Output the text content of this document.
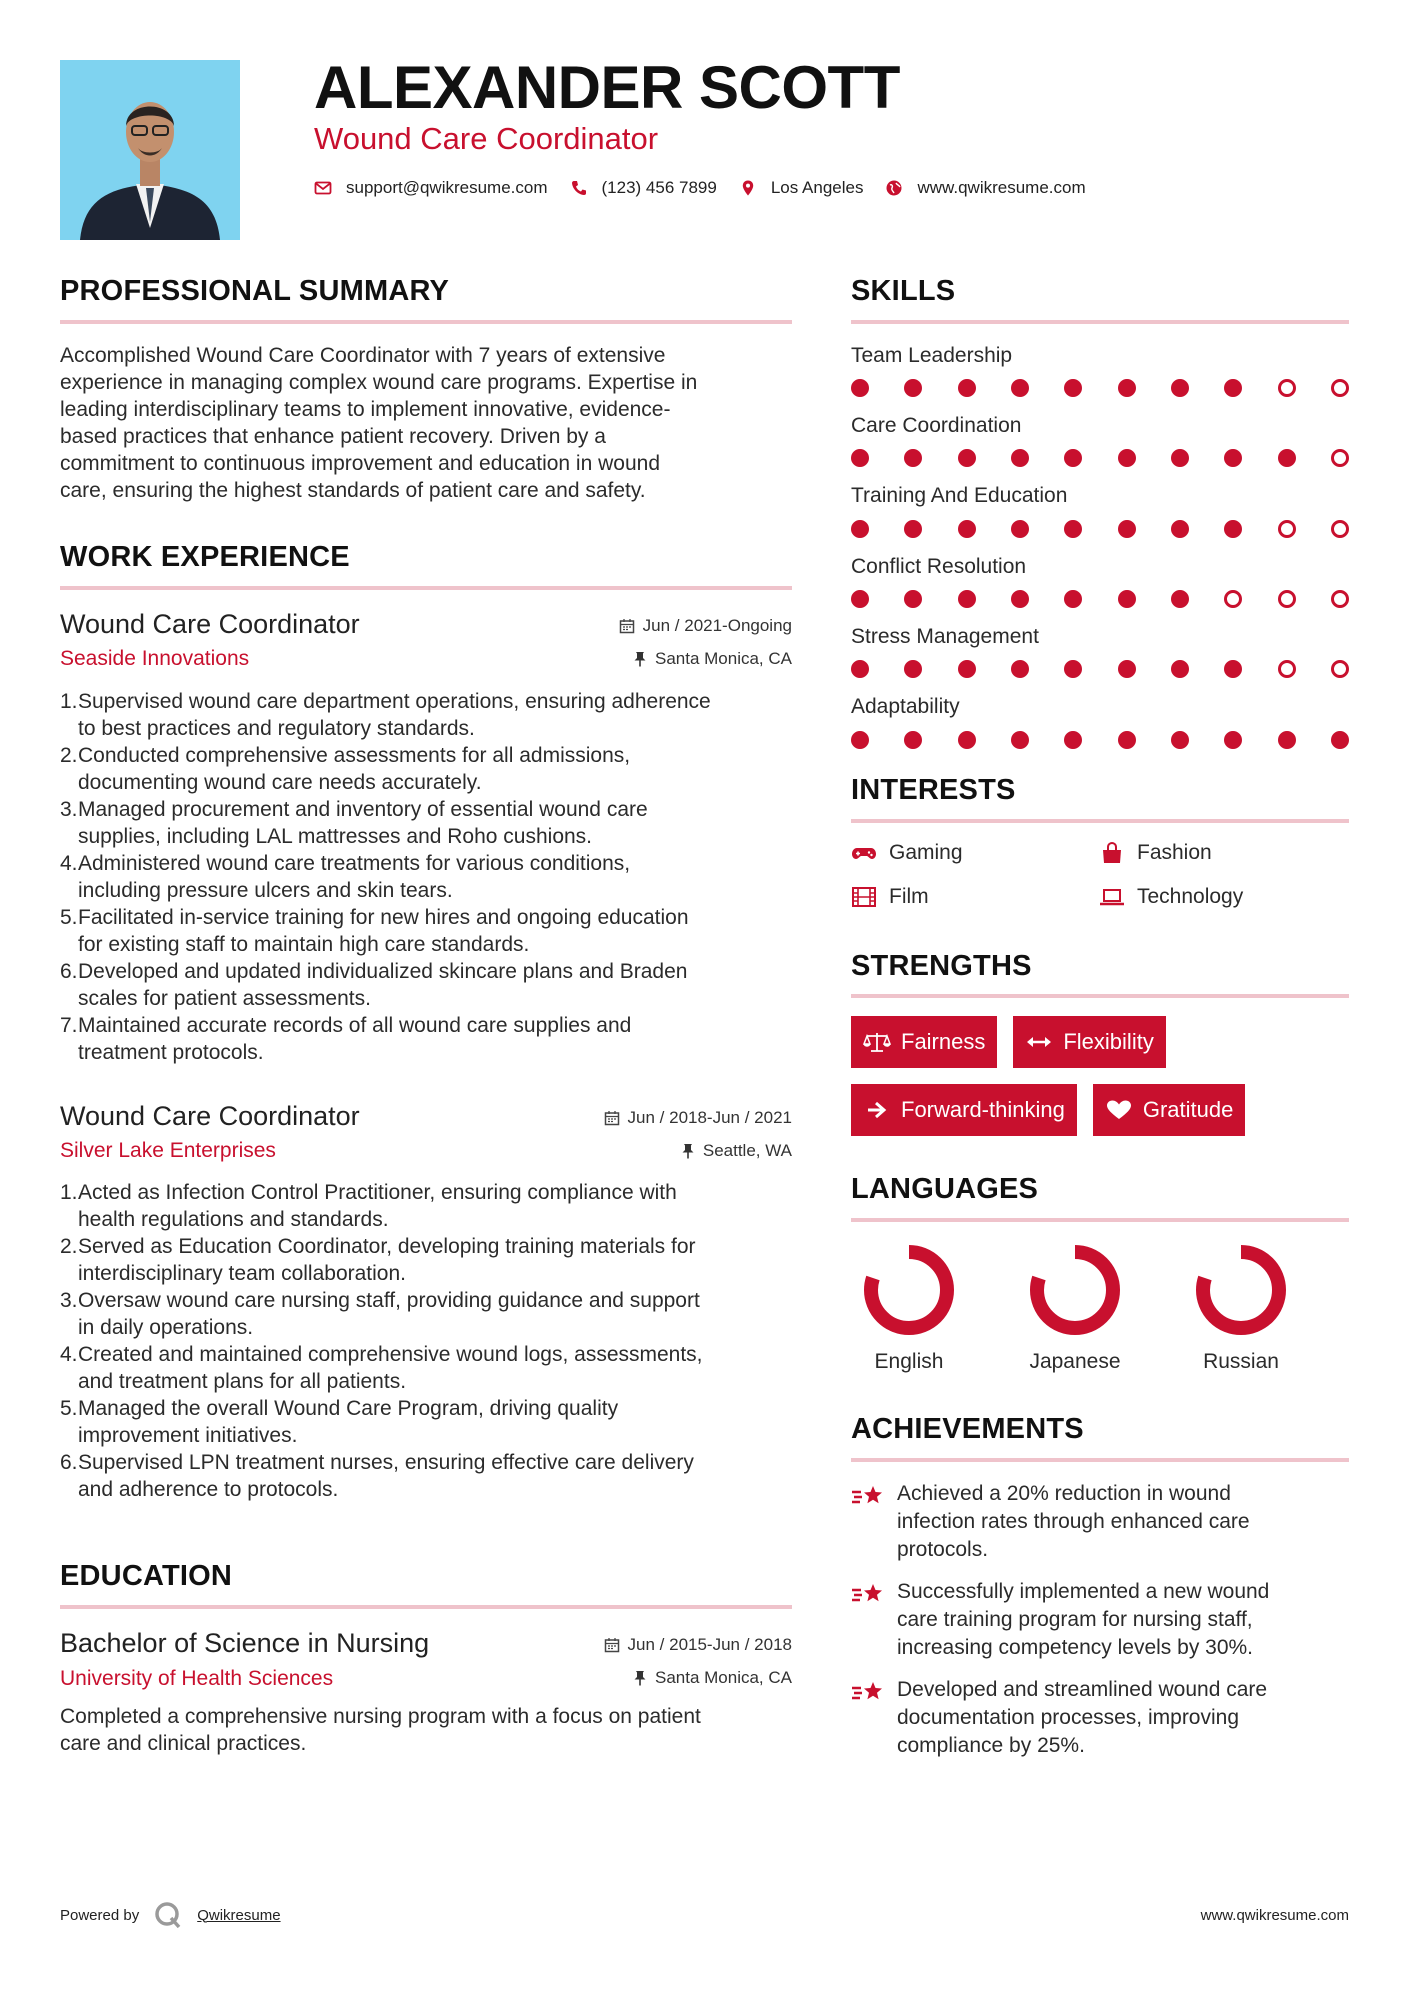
ALEXANDER SCOTT
Wound Care Coordinator
support@qwikresume.com	(123) 456 7899	Los Angeles	www.qwikresume.com
PROFESSIONAL SUMMARY
Accomplished Wound Care Coordinator with 7 years of extensive
experience in managing complex wound care programs. Expertise in
leading interdisciplinary teams to implement innovative, evidence-
based practices that enhance patient recovery. Driven by a
commitment to continuous improvement and education in wound
care, ensuring the highest standards of patient care and safety.
WORK EXPERIENCE
Wound Care Coordinator	Jun / 2021-Ongoing
Seaside Innovations	Santa Monica, CA
1. Supervised wound care department operations, ensuring adherence
to best practices and regulatory standards.
2. Conducted comprehensive assessments for all admissions,
documenting wound care needs accurately.
3. Managed procurement and inventory of essential wound care
supplies, including LAL mattresses and Roho cushions.
4. Administered wound care treatments for various conditions,
including pressure ulcers and skin tears.
5. Facilitated in-service training for new hires and ongoing education
for existing staff to maintain high care standards.
6. Developed and updated individualized skincare plans and Braden
scales for patient assessments.
7. Maintained accurate records of all wound care supplies and
treatment protocols.
Wound Care Coordinator	Jun / 2018-Jun / 2021
Silver Lake Enterprises	Seattle, WA
1. Acted as Infection Control Practitioner, ensuring compliance with
health regulations and standards.
2. Served as Education Coordinator, developing training materials for
interdisciplinary team collaboration.
3. Oversaw wound care nursing staff, providing guidance and support
in daily operations.
4. Created and maintained comprehensive wound logs, assessments,
and treatment plans for all patients.
5. Managed the overall Wound Care Program, driving quality
improvement initiatives.
6. Supervised LPN treatment nurses, ensuring effective care delivery
and adherence to protocols.
EDUCATION
Bachelor of Science in Nursing	Jun / 2015-Jun / 2018
University of Health Sciences	Santa Monica, CA
Completed a comprehensive nursing program with a focus on patient
care and clinical practices.
SKILLS
Team Leadership
Care Coordination
Training And Education
Conflict Resolution
Stress Management
Adaptability
INTERESTS
Gaming	Fashion
Film	Technology
STRENGTHS
Fairness	Flexibility
Forward-thinking	Gratitude
LANGUAGES
English	Japanese	Russian
ACHIEVEMENTS
Achieved a 20% reduction in wound
infection rates through enhanced care
protocols.
Successfully implemented a new wound
care training program for nursing staff,
increasing competency levels by 30%.
Developed and streamlined wound care
documentation processes, improving
compliance by 25%.
Powered by	Qwikresume	www.qwikresume.com
